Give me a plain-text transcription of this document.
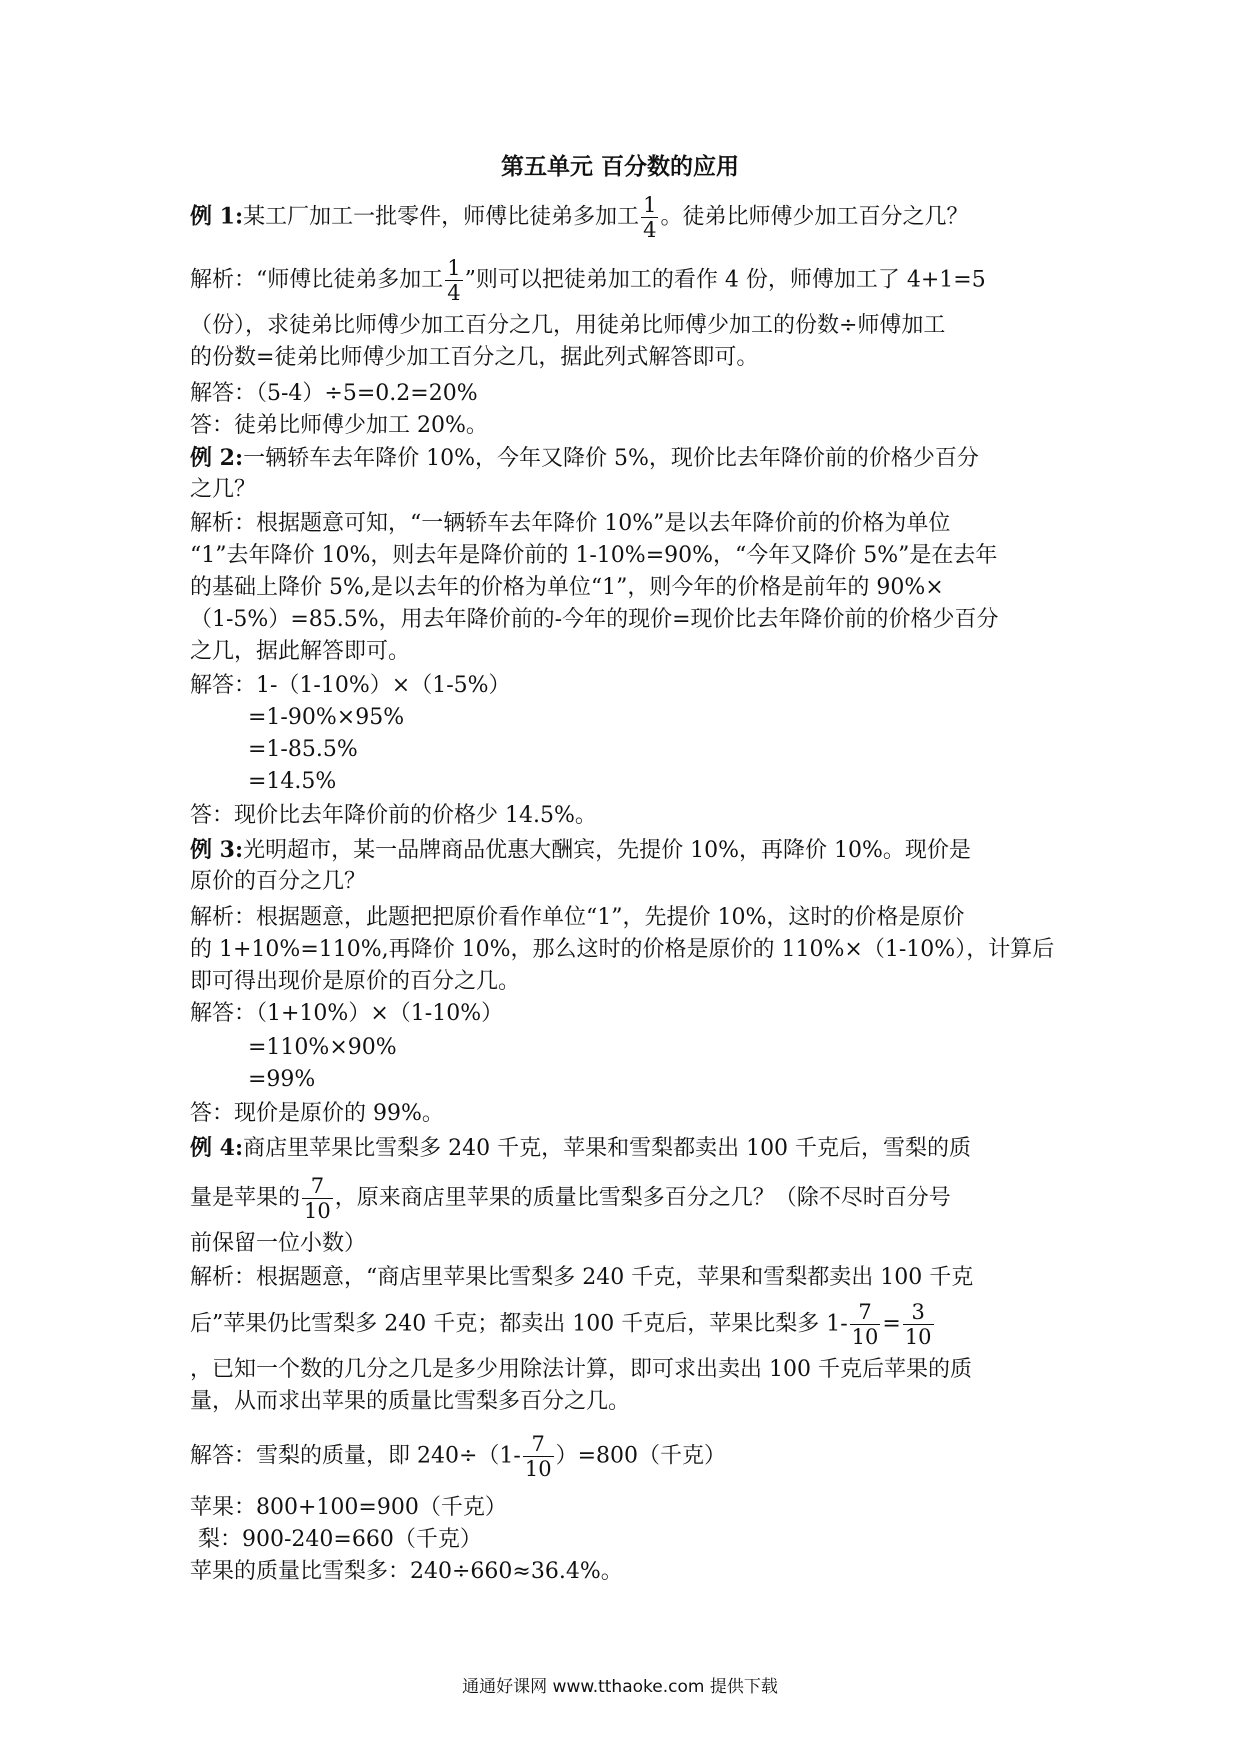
第五单元 百分数的应用
例 1:某工厂加工一批零件，师傅比徒弟多加工 $\frac{1}{4}$ 。徒弟比师傅少加工百分之几？
解析：“师傅比徒弟多加工 $\frac{1}{4}$ ”则可以把徒弟加工的看作 4 份，师傅加工了 4+1=5
（份），求徒弟比师傅少加工百分之几，用徒弟比师傅少加工的份数÷师傅加工
的份数=徒弟比师傅少加工百分之几，据此列式解答即可。
解答：（5-4）÷5=0.2=20%
答：徒弟比师傅少加工 20%。
例 2:一辆轿车去年降价 10%，今年又降价 5%，现价比去年降价前的价格少百分
之几？
解析：根据题意可知，“一辆轿车去年降价 10%”是以去年降价前的价格为单位
“1”去年降价 10%，则去年是降价前的 1-10%=90%，“今年又降价 5%”是在去年
的基础上降价 5%,是以去年的价格为单位“1”，则今年的价格是前年的 90%×
（1-5%）=85.5%，用去年降价前的-今年的现价=现价比去年降价前的价格少百分
之几，据此解答即可。
解答：1-（1-10%）×（1-5%）
=1-90%×95%
=1-85.5%
=14.5%
答：现价比去年降价前的价格少 14.5%。
例 3:光明超市，某一品牌商品优惠大酬宾，先提价 10%，再降价 10%。现价是
原价的百分之几？
解析：根据题意，此题把把原价看作单位“1”，先提价 10%，这时的价格是原价
的 1+10%=110%,再降价 10%，那么这时的价格是原价的 110%×（1-10%），计算后
即可得出现价是原价的百分之几。
解答：（1+10%）×（1-10%）
=110%×90%
=99%
答：现价是原价的 99%。
例 4:商店里苹果比雪梨多 240 千克，苹果和雪梨都卖出 100 千克后，雪梨的质
量是苹果的 $\frac{7}{10}$ ，原来商店里苹果的质量比雪梨多百分之几？（除不尽时百分号
前保留一位小数）
解析：根据题意，“商店里苹果比雪梨多 240 千克，苹果和雪梨都卖出 100 千克
后”苹果仍比雪梨多 240 千克；都卖出 100 千克后，苹果比梨多 $1- \frac{7}{10} = \frac{3}{10}$
，已知一个数的几分之几是多少用除法计算，即可求出卖出 100 千克后苹果的质
量，从而求出苹果的质量比雪梨多百分之几。
解答：雪梨的质量，即 $240\div(1- \frac{7}{10} )=800$（千克）
苹果：800+100=900（千克）
梨：900-240=660（千克）
苹果的质量比雪梨多：240÷660≈36.4%。
通通好课网 www.tthaoke.com 提供下载
